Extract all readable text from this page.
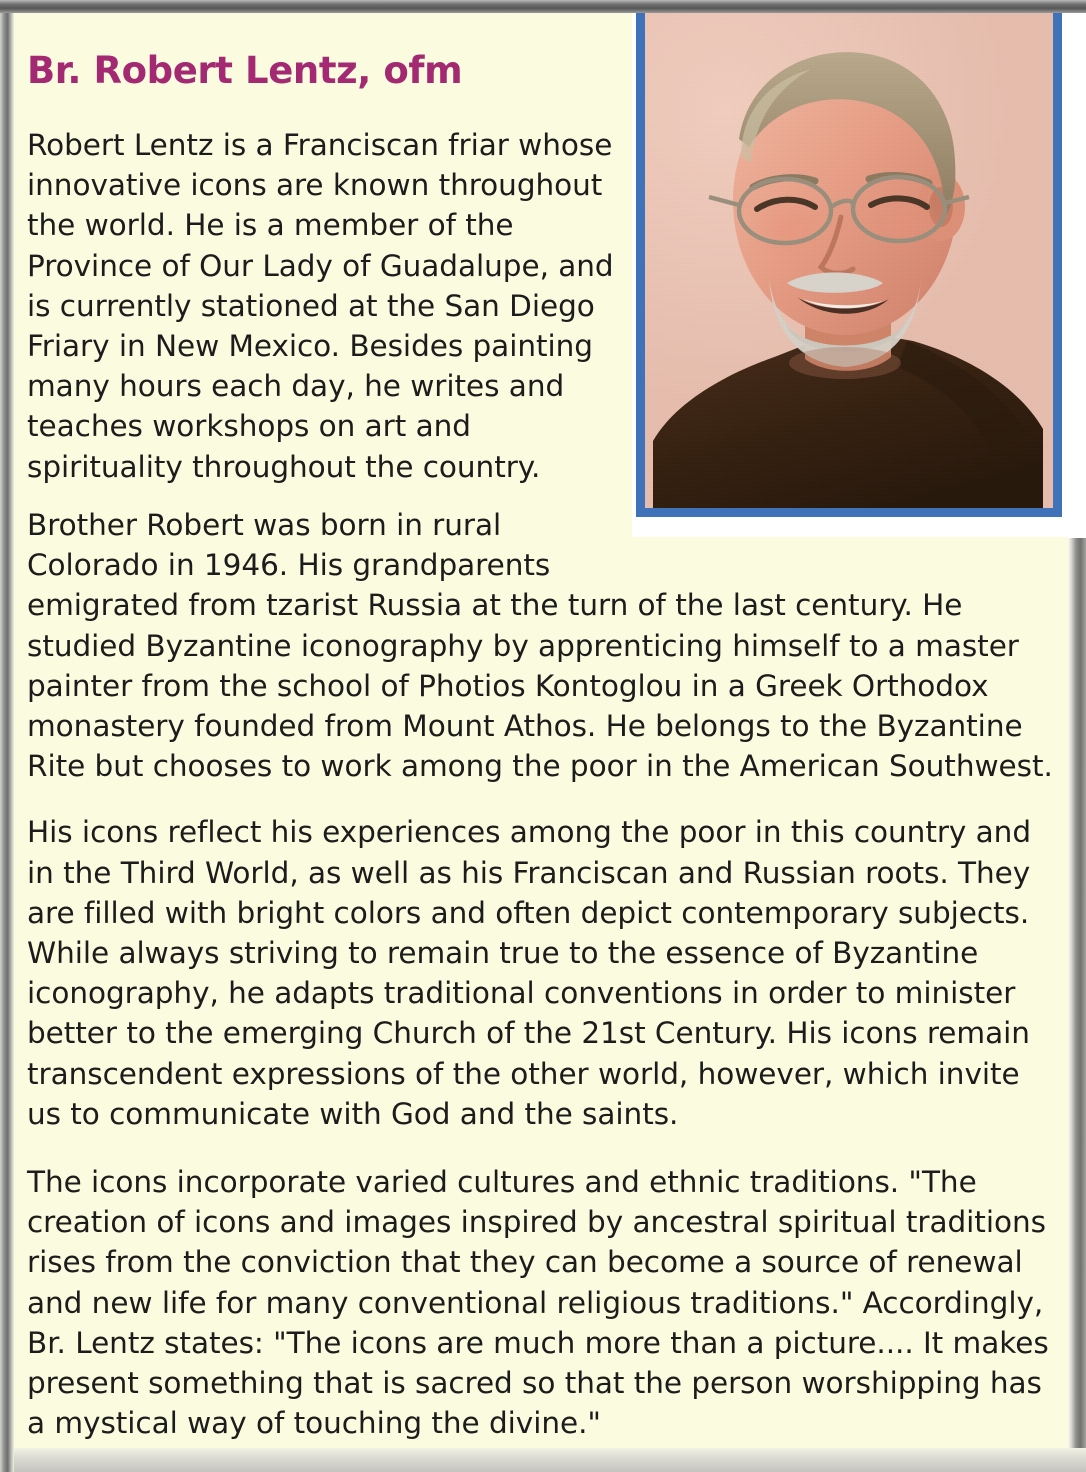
Br. Robert Lentz, ofm

Robert Lentz is a Franciscan friar whose innovative icons are known throughout the world. He is a member of the Province of Our Lady of Guadalupe, and is currently stationed at the San Diego Friary in New Mexico. Besides painting many hours each day, he writes and teaches workshops on art and spirituality throughout the country.

Brother Robert was born in rural Colorado in 1946. His grandparents emigrated from tzarist Russia at the turn of the last century. He studied Byzantine iconography by apprenticing himself to a master painter from the school of Photios Kontoglou in a Greek Orthodox monastery founded from Mount Athos. He belongs to the Byzantine Rite but chooses to work among the poor in the American Southwest.

His icons reflect his experiences among the poor in this country and in the Third World, as well as his Franciscan and Russian roots. They are filled with bright colors and often depict contemporary subjects. While always striving to remain true to the essence of Byzantine iconography, he adapts traditional conventions in order to minister better to the emerging Church of the 21st Century. His icons remain transcendent expressions of the other world, however, which invite us to communicate with God and the saints.

The icons incorporate varied cultures and ethnic traditions. "The creation of icons and images inspired by ancestral spiritual traditions rises from the conviction that they can become a source of renewal and new life for many conventional religious traditions." Accordingly, Br. Lentz states: "The icons are much more than a picture.... It makes present something that is sacred so that the person worshipping has a mystical way of touching the divine."
